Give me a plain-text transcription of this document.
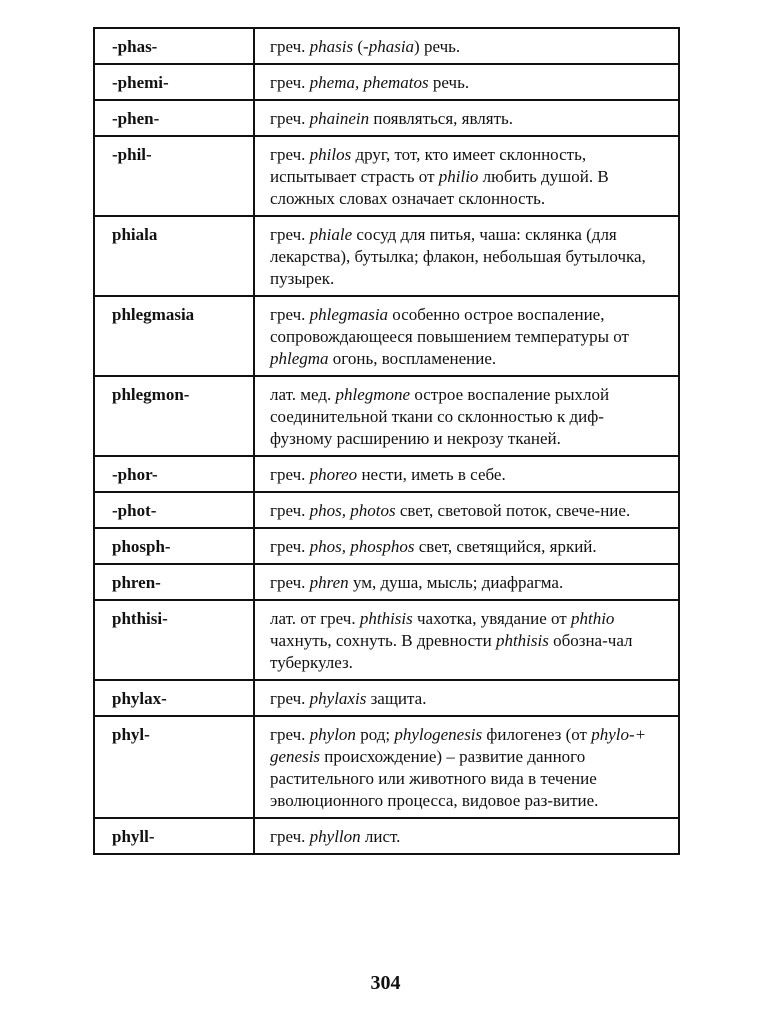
-phas-	греч. phasis (-phasia) речь.
-phemi-	греч. phema, phematos речь.
-phen-	греч. phainein появляться, являть.
-phil-	греч. philos друг, тот, кто имеет склонность, испытывает страсть от philio любить душой. В сложных словах означает склонность.
phiala	греч. phiale сосуд для питья, чаша: склянка (для лекарства), бутылка; флакон, небольшая бутылочка, пузырек.
phlegmasia	греч. phlegmasia особенно острое воспаление, сопровождающееся повышением температуры от phlegma огонь, воспламенение.
phlegmon-	лат. мед. phlegmone острое воспаление рыхлой соединительной ткани со склонностью к диф-фузному расширению и некрозу тканей.
-phor-	греч. phoreo нести, иметь в себе.
-phot-	греч. phos, photos свет, световой поток, свече-ние.
phosph-	греч. phos, phosphos свет, светящийся, яркий.
phren-	греч. phren ум, душа, мысль; диафрагма.
phthisi-	лат. от греч. phthisis чахотка, увядание от phthio чахнуть, сохнуть. В древности phthisis обозна-чал туберкулез.
phylax-	греч. phylaxis защита.
phyl-	греч. phylon род; phylogenesis филогенез (от phylo-+ genesis происхождение) – развитие данного растительного или животного вида в течение эволюционного процесса, видовое раз-витие.
phyll-	греч. phyllon лист.
304
